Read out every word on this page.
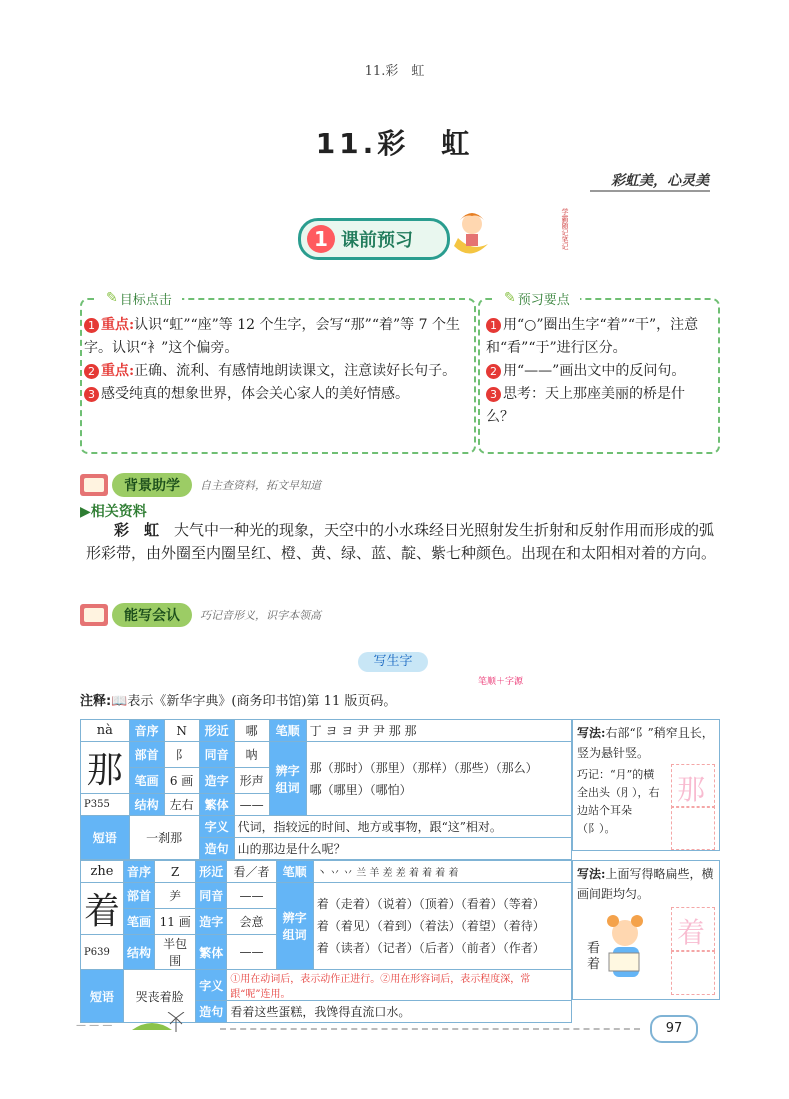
11.彩　虹
11.彩　虹
彩虹美，心灵美
1 课前预习	学霸随记笔记
✎ 目标点击
1 重点:认识“虹”“座”等 12 个生字，会写“那”“着”等 7 个生字。认识“衤”这个偏旁。
2 重点:正确、流利、有感情地朗读课文，注意读好长句子。
3 感受纯真的想象世界，体会关心家人的美好情感。
✎ 预习要点
1 用“○”圈出生字“着”“干”，注意和“看”“于”进行区分。
2 用“——”画出文中的反问句。
3 思考：天上那座美丽的桥是什么？
背景助学	自主查资料，拓文早知道
▶相关资料
彩　虹　 大气中一种光的现象，天空中的小水珠经日光照射发生折射和反射作用而形成的弧形彩带，由外圈至内圈呈红、橙、黄、绿、蓝、靛、紫七种颜色。出现在和太阳相对着的方向。
能写会认	巧记音形义，识字本领高
写生字
笔顺＋字源
注释:📖表示《新华字典》(商务印书馆)第 11 版页码。
nà	音序	N	形近	哪	笔顺	丁 ヨ ヨ 尹 尹 那 那
那	部首	阝	同音	呐	辨字组词	那（那时）（那里）（那样）（那些）（那么）
哪（哪里）（哪怕）

	笔画	6 画	造字	形声		
P355	结构	左右	繁体	——		
短语	一刹那		字义	代词，指较远的时间、地方或事物，跟“这”相对。		
			造句	山的那边是什么呢？		
写法:右部“阝”稍窄且长，竖为悬针竖。
巧记：“月”的横全出头（⺼），右边站个耳朵（阝）。
那
zhe	音序	Z	形近	看／者	笔顺	丶 丷 丷 兰 羊 差 差 着 着 着 着
着	部首	⺶	同音	——	辨字组词	着（走着）（说着）（顶着）（看着）（等着）
着（着见）（着到）（着法）（着望）（着待）
着（读者）（记者）（后者）（前者）（作者）

	笔画	11 画	造字	会意		
P639	结构	半包围	繁体	——		
短语	哭丧着脸		字义	①用在动词后，表示动作正进行。②用在形容词后，表示程度深，常跟“呢”连用。		
			造句	看着这些蛋糕，我馋得直流口水。		
写法:上面写得略扁些，横画间距均匀。
看着
着
— — —	97
